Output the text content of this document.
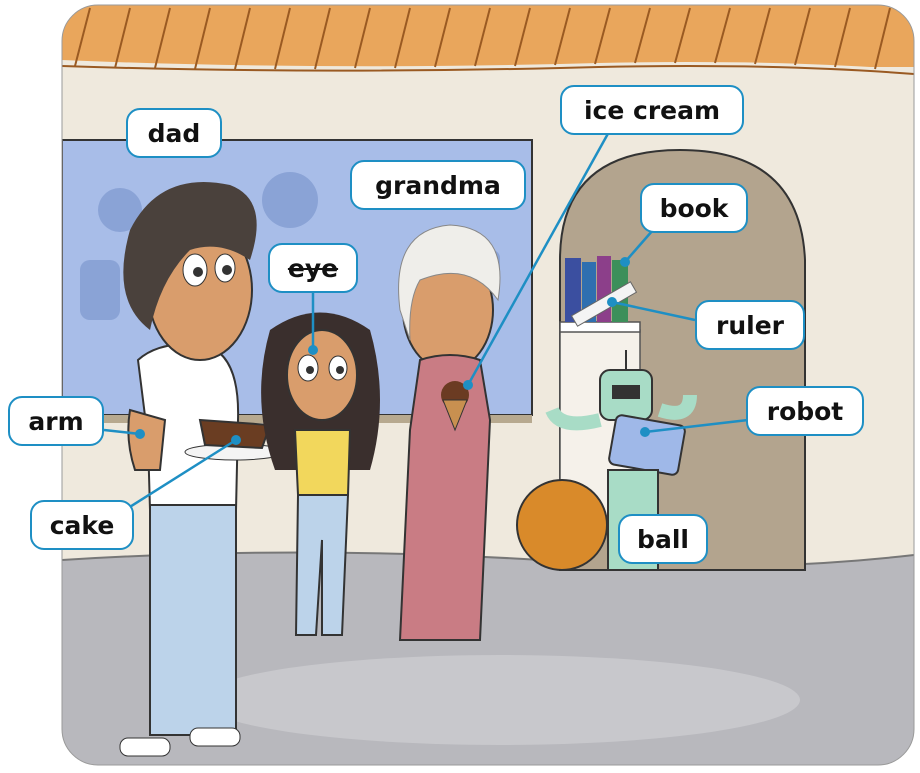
dad
grandma
ice cream
book
eye
ruler
arm	robot
cake	ball
